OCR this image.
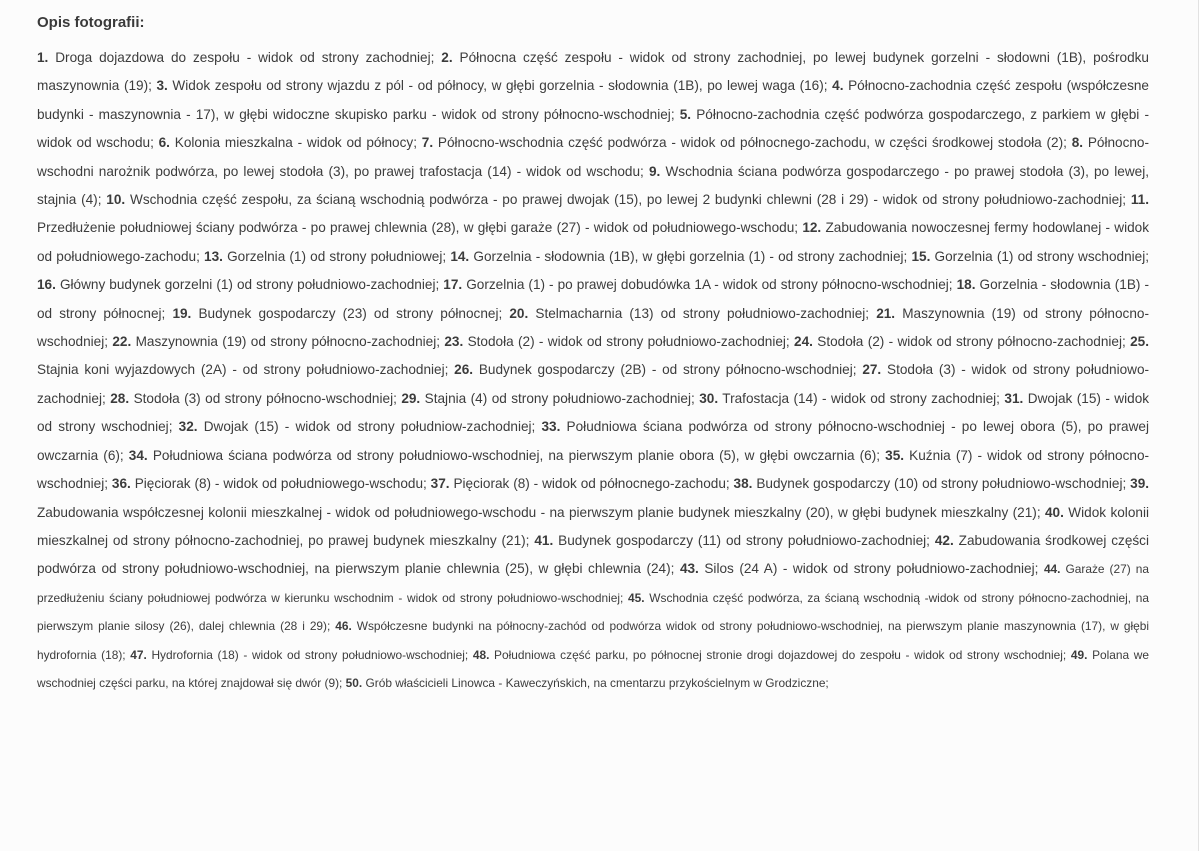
Opis fotografii:

1. Droga dojazdowa do zespołu - widok od strony zachodniej; 2. Północna część zespołu - widok od strony zachodniej, po lewej budynek gorzelni - słodowni (1B), pośrodku maszynownia (19); 3. Widok zespołu od strony wjazdu z pól - od północy, w głębi gorzelnia - słodownia (1B), po lewej waga (16); 4. Północno-zachodnia część zespołu (współczesne budynki - maszynownia - 17), w głębi widoczne skupisko parku - widok od strony północno-wschodniej; 5. Północno-zachodnia część podwórza gospodarczego, z parkiem w głębi - widok od wschodu; 6. Kolonia mieszkalna - widok od północy; 7. Północno-wschodnia część podwórza - widok od północnego-zachodu, w części środkowej stodoła (2); 8. Północno-wschodni narożnik podwórza, po lewej stodoła (3), po prawej trafostacja (14) - widok od wschodu; 9. Wschodnia ściana podwórza gospodarczego - po prawej stodoła (3), po lewej, stajnia (4); 10. Wschodnia część zespołu, za ścianą wschodnią podwórza - po prawej dwojak (15), po lewej 2 budynki chlewni (28 i 29) - widok od strony południowo-zachodniej; 11. Przedłużenie południowej ściany podwórza - po prawej chlewnia (28), w głębi garaże (27) - widok od południowego-wschodu; 12. Zabudowania nowoczesnej fermy hodowlanej - widok od południowego-zachodu; 13. Gorzelnia (1) od strony południowej; 14. Gorzelnia - słodownia (1B), w głębi gorzelnia (1) - od strony zachodniej; 15. Gorzelnia (1) od strony wschodniej; 16. Główny budynek gorzelni (1) od strony południowo-zachodniej; 17. Gorzelnia (1) - po prawej dobudówka 1A - widok od strony północno-wschodniej; 18. Gorzelnia - słodownia (1B) - od strony północnej; 19. Budynek gospodarczy (23) od strony północnej; 20. Stelmacharnia (13) od strony południowo-zachodniej; 21. Maszynownia (19) od strony północno-wschodniej; 22. Maszynownia (19) od strony północno-zachodniej; 23. Stodoła (2) - widok od strony południowo-zachodniej; 24. Stodoła (2) - widok od strony północno-zachodniej; 25. Stajnia koni wyjazdowych (2A) - od strony południowo-zachodniej; 26. Budynek gospodarczy (2B) - od strony północno-wschodniej; 27. Stodoła (3) - widok od strony południowo-zachodniej; 28. Stodoła (3) od strony północno-wschodniej; 29. Stajnia (4) od strony południowo-zachodniej; 30. Trafostacja (14) - widok od strony zachodniej; 31. Dwojak (15) - widok od strony wschodniej; 32. Dwojak (15) - widok od strony południow-zachodniej; 33. Południowa ściana podwórza od strony północno-wschodniej - po lewej obora (5), po prawej owczarnia (6); 34. Południowa ściana podwórza od strony południowo-wschodniej, na pierwszym planie obora (5), w głębi owczarnia (6); 35. Kuźnia (7) - widok od strony północno-wschodniej; 36. Pięciorak (8) - widok od południowego-wschodu; 37. Pięciorak (8) - widok od północnego-zachodu; 38. Budynek gospodarczy (10) od strony południowo-wschodniej; 39. Zabudowania współczesnej kolonii mieszkalnej - widok od południowego-wschodu - na pierwszym planie budynek mieszkalny (20), w głębi budynek mieszkalny (21); 40. Widok kolonii mieszkalnej od strony północno-zachodniej, po prawej budynek mieszkalny (21); 41. Budynek gospodarczy (11) od strony południowo-zachodniej; 42. Zabudowania środkowej części podwórza od strony południowo-wschodniej, na pierwszym planie chlewnia (25), w głębi chlewnia (24); 43. Silos (24 A) - widok od strony południowo-zachodniej; 44. Garaże (27) na przedłużeniu ściany południowej podwórza w kierunku wschodnim - widok od strony południowo-wschodniej; 45. Wschodnia część podwórza, za ścianą wschodnią -widok od strony północno-zachodniej, na pierwszym planie silosy (26), dalej chlewnia (28 i 29); 46. Współczesne budynki na północny-zachód od podwórza widok od strony południowo-wschodniej, na pierwszym planie maszynownia (17), w głębi hydrofornia (18); 47. Hydrofornia (18) - widok od strony południowo-wschodniej; 48. Południowa część parku, po północnej stronie drogi dojazdowej do zespołu - widok od strony wschodniej; 49. Polana we wschodniej części parku, na której znajdował się dwór (9); 50. Grób właścicieli Linowca - Kaweczyńskich, na cmentarzu przykościelnym w Grodziczne;
